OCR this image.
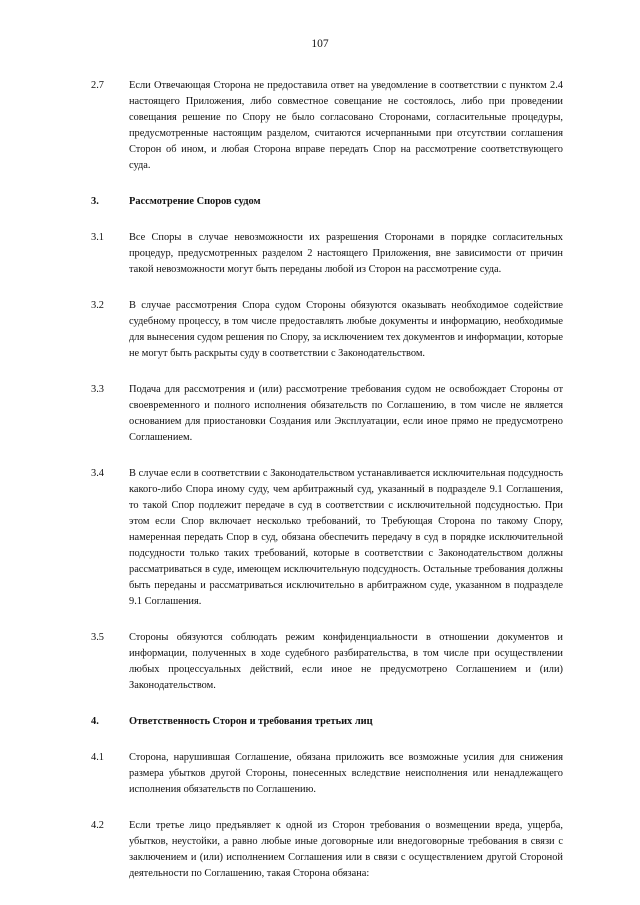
107
2.7	Если Отвечающая Сторона не предоставила ответ на уведомление в соответствии с пунктом 2.4 настоящего Приложения, либо совместное совещание не состоялось, либо при проведении совещания решение по Спору не было согласовано Сторонами, согласительные процедуры, предусмотренные настоящим разделом, считаются исчерпанными при отсутствии соглашения Сторон об ином, и любая Сторона вправе передать Спор на рассмотрение соответствующего суда.
3.	Рассмотрение Споров судом
3.1	Все Споры в случае невозможности их разрешения Сторонами в порядке согласительных процедур, предусмотренных разделом 2 настоящего Приложения, вне зависимости от причин такой невозможности могут быть переданы любой из Сторон на рассмотрение суда.
3.2	В случае рассмотрения Спора судом Стороны обязуются оказывать необходимое содействие судебному процессу, в том числе предоставлять любые документы и информацию, необходимые для вынесения судом решения по Спору, за исключением тех документов и информации, которые не могут быть раскрыты суду в соответствии с Законодательством.
3.3	Подача для рассмотрения и (или) рассмотрение требования судом не освобождает Стороны от своевременного и полного исполнения обязательств по Соглашению, в том числе не является основанием для приостановки Создания или Эксплуатации, если иное прямо не предусмотрено Соглашением.
3.4	В случае если в соответствии с Законодательством устанавливается исключительная подсудность какого-либо Спора иному суду, чем арбитражный суд, указанный в подразделе 9.1 Соглашения, то такой Спор подлежит передаче в суд в соответствии с исключительной подсудностью. При этом если Спор включает несколько требований, то Требующая Сторона по такому Спору, намеренная передать Спор в суд, обязана обеспечить передачу в суд в порядке исключительной подсудности только таких требований, которые в соответствии с Законодательством должны рассматриваться в суде, имеющем исключительную подсудность. Остальные требования должны быть переданы и рассматриваться исключительно в арбитражном суде, указанном в подразделе 9.1 Соглашения.
3.5	Стороны обязуются соблюдать режим конфиденциальности в отношении документов и информации, полученных в ходе судебного разбирательства, в том числе при осуществлении любых процессуальных действий, если иное не предусмотрено Соглашением и (или) Законодательством.
4.	Ответственность Сторон и требования третьих лиц
4.1	Сторона, нарушившая Соглашение, обязана приложить все возможные усилия для снижения размера убытков другой Стороны, понесенных вследствие неисполнения или ненадлежащего исполнения обязательств по Соглашению.
4.2	Если третье лицо предъявляет к одной из Сторон требования о возмещении вреда, ущерба, убытков, неустойки, а равно любые иные договорные или внедоговорные требования в связи с заключением и (или) исполнением Соглашения или в связи с осуществлением другой Стороной деятельности по Соглашению, такая Сторона обязана:
